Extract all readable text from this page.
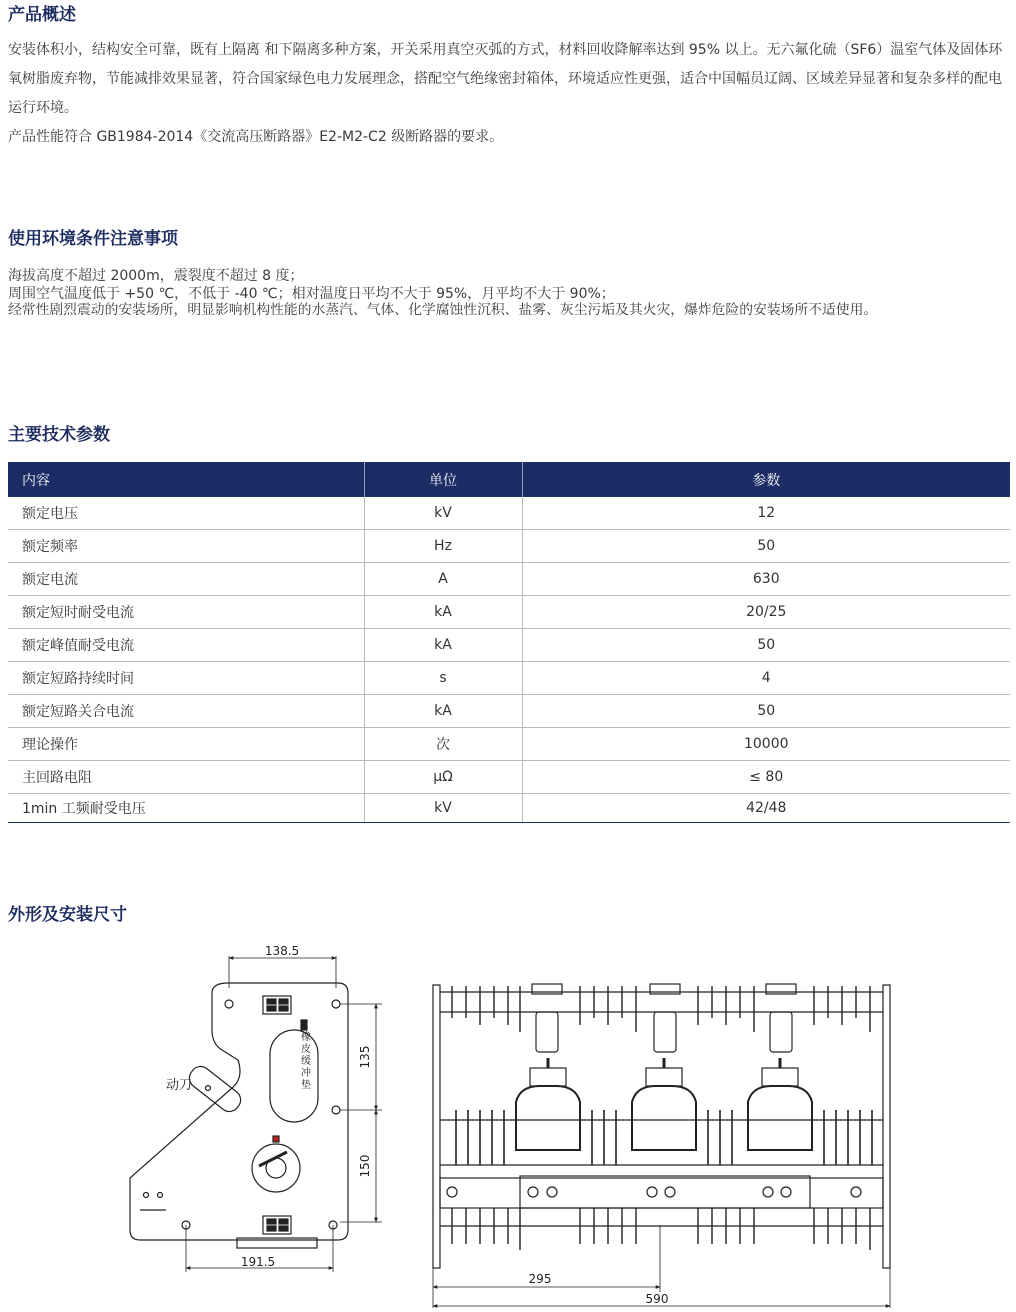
产品概述

安装体积小，结构安全可靠，既有上隔离 和下隔离多种方案，开关采用真空灭弧的方式，材料回收降解率达到 95% 以上。无六氟化硫（SF6）温室气体及固体环氧树脂废弃物，节能减排效果显著，符合国家绿色电力发展理念，搭配空气绝缘密封箱体，环境适应性更强，适合中国幅员辽阔、区域差异显著和复杂多样的配电运行环境。

产品性能符合 GB1984-2014《交流高压断路器》E2-M2-C2 级断路器的要求。

使用环境条件注意事项
海拔高度不超过 2000m，震裂度不超过 8 度；
周围空气温度低于 +50 ℃，不低于 -40 ℃；相对温度日平均不大于 95%，月平均不大于 90%；
经常性剧烈震动的安装场所，明显影响机构性能的水蒸汽、气体、化学腐蚀性沉积、盐雾、灰尘污垢及其火灾，爆炸危险的安装场所不适使用。
主要技术参数
内容	单位	参数
额定电压	kV	12
额定频率	Hz	50
额定电流	A	630
额定短时耐受电流	kA	20/25
额定峰值耐受电流	kA	50
额定短路持续时间	s	4
额定短路关合电流	kA	50
理论操作	次	10000
主回路电阻	μΩ	≤ 80
1min 工频耐受电压	kV	42/48
外形及安装尺寸
138.5
191.5
135
150
动刀
橡
皮
缓
冲
垫
295
590
